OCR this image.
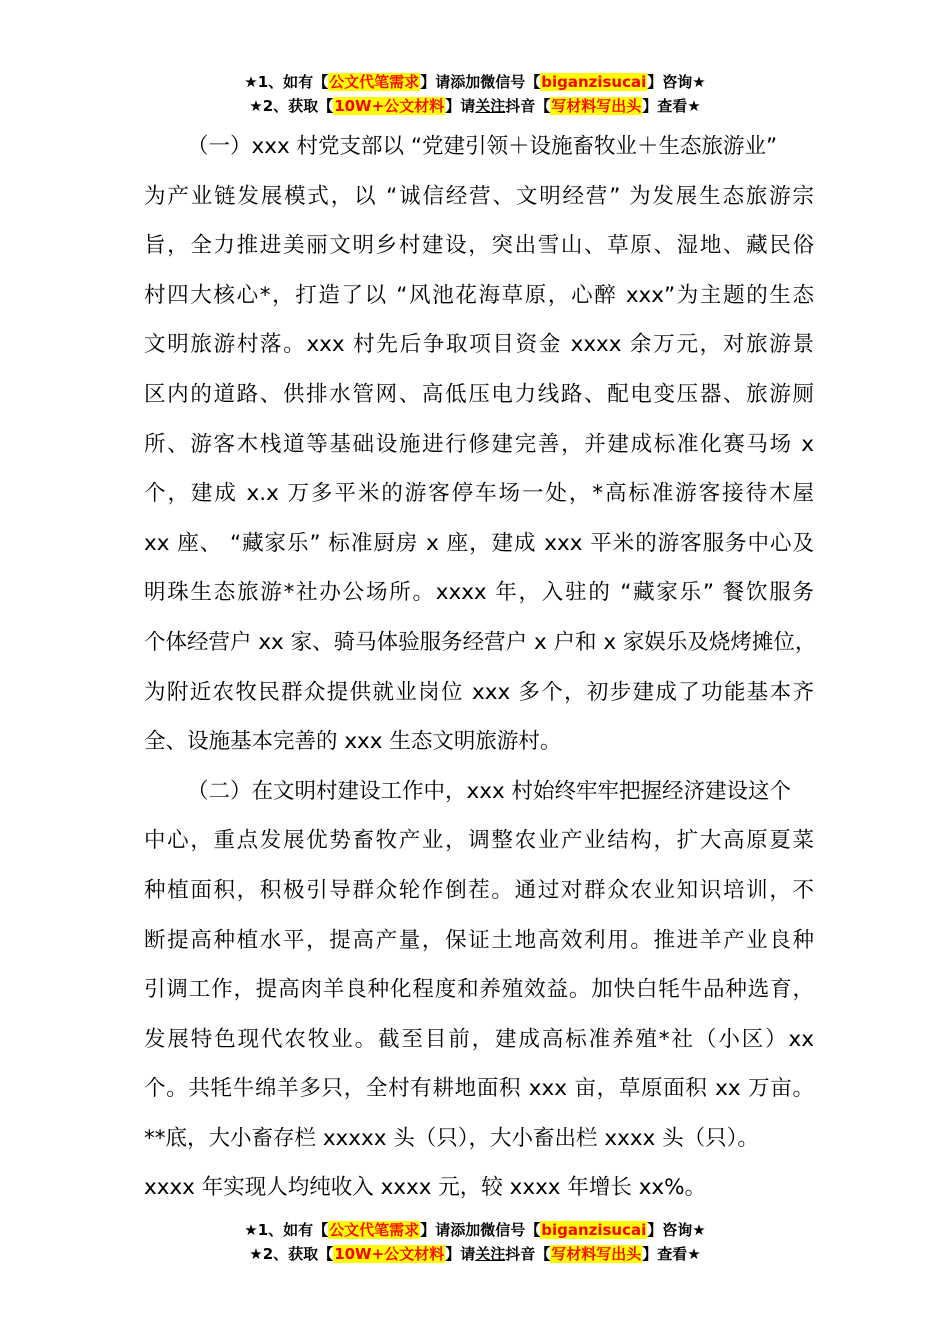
★1、如有【公文代笔需求】请添加微信号【biganzisucai】咨询★
★2、获取【10W+公文材料】请关注抖音【写材料写出头】查看★
（一）xxx 村党支部以 “党建引领＋设施畜牧业＋生态旅游业”
为产业链发展模式，以 “诚信经营、文明经营” 为发展生态旅游宗
旨，全力推进美丽文明乡村建设，突出雪山、草原、湿地、藏民俗
村四大核心*，打造了以 “风池花海草原，心醉 xxx”为主题的生态
文明旅游村落。xxx 村先后争取项目资金 xxxx 余万元，对旅游景
区内的道路、供排水管网、高低压电力线路、配电变压器、旅游厕
所、游客木栈道等基础设施进行修建完善，并建成标准化赛马场 x
个，建成 x.x 万多平米的游客停车场一处，*高标准游客接待木屋
xx 座、 “藏家乐” 标准厨房 x 座，建成 xxx 平米的游客服务中心及
明珠生态旅游*社办公场所。xxxx 年，入驻的 “藏家乐” 餐饮服务
个体经营户 xx 家、骑马体验服务经营户 x 户和 x 家娱乐及烧烤摊位，
为附近农牧民群众提供就业岗位 xxx 多个，初步建成了功能基本齐
全、设施基本完善的 xxx 生态文明旅游村。
（二）在文明村建设工作中，xxx 村始终牢牢把握经济建设这个
中心，重点发展优势畜牧产业，调整农业产业结构，扩大高原夏菜
种植面积，积极引导群众轮作倒茬。通过对群众农业知识培训，不
断提高种植水平，提高产量，保证土地高效利用。推进羊产业良种
引调工作，提高肉羊良种化程度和养殖效益。加快白牦牛品种选育，
发展特色现代农牧业。截至目前，建成高标准养殖*社（小区）xx
个。共牦牛绵羊多只，全村有耕地面积 xxx 亩，草原面积 xx 万亩。
**底，大小畜存栏 xxxxx 头（只），大小畜出栏 xxxx 头（只）。
xxxx 年实现人均纯收入 xxxx 元，较 xxxx 年增长 xx%。
★1、如有【公文代笔需求】请添加微信号【biganzisucai】咨询★
★2、获取【10W+公文材料】请关注抖音【写材料写出头】查看★
